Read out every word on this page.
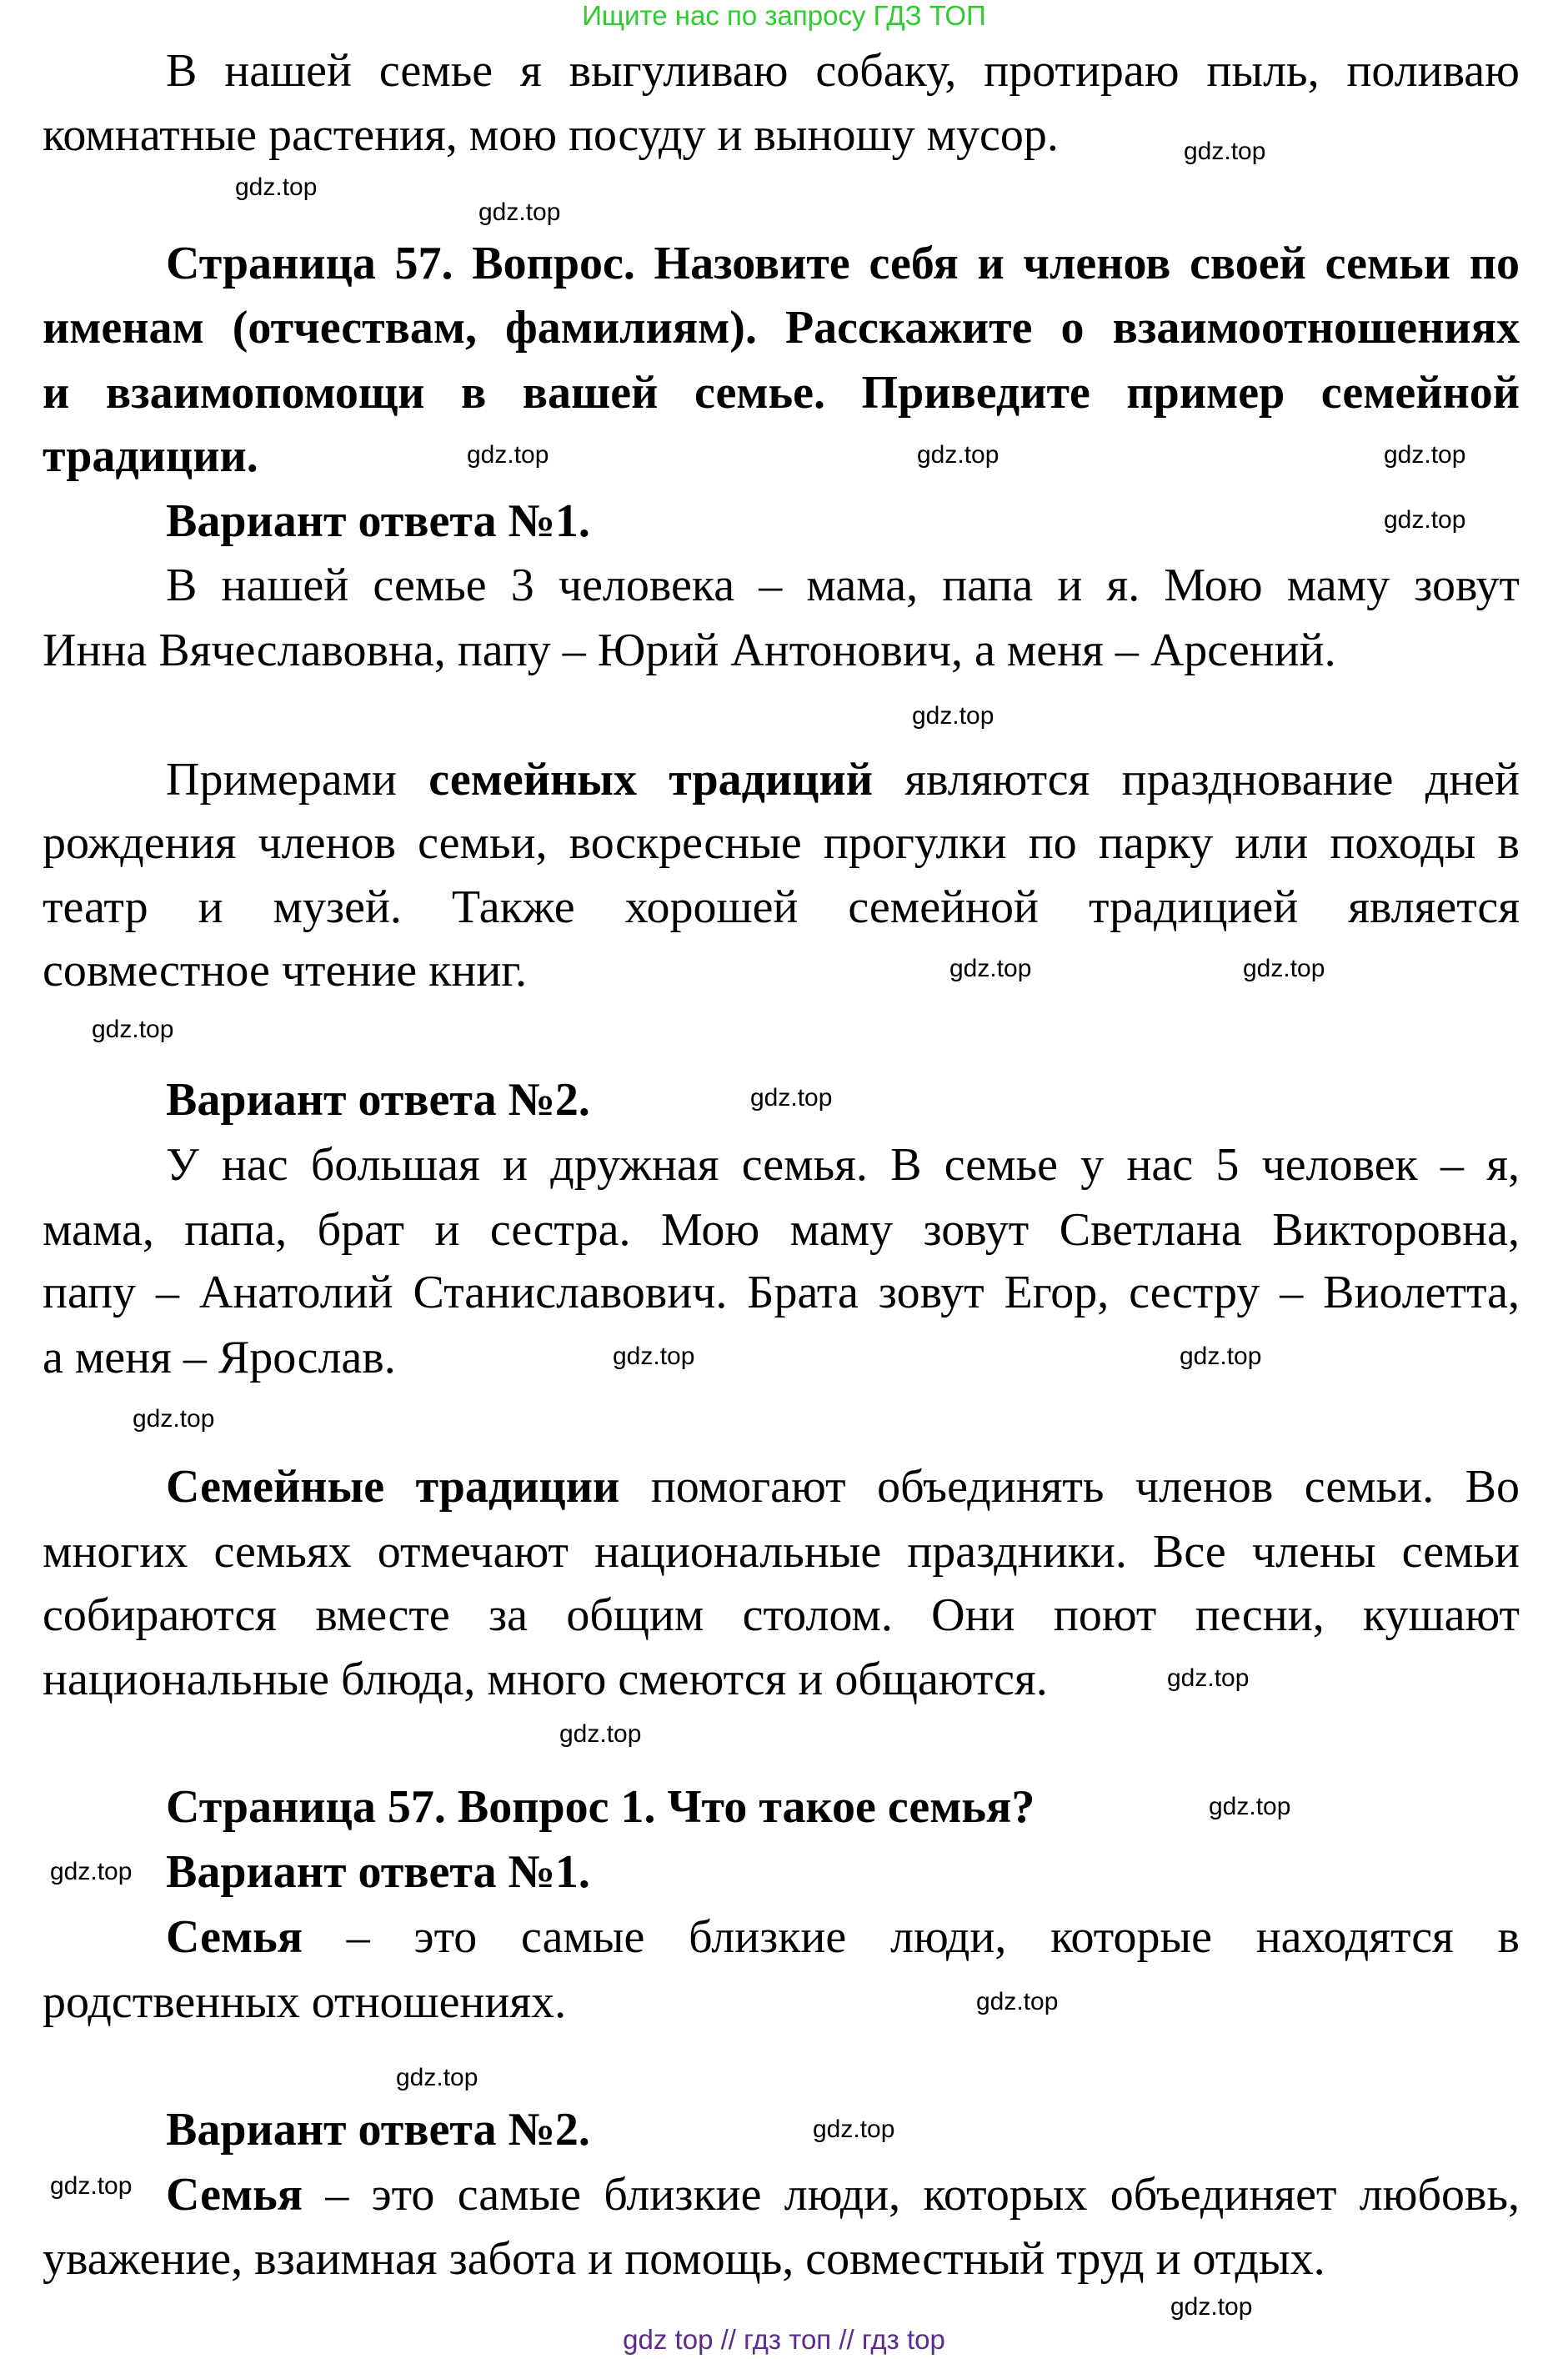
Ищите нас по запросу ГДЗ ТОП
В нашей семье я выгуливаю собаку, протираю пыль, поливаю
комнатные растения, мою посуду и выношу мусор.
Страница 57. Вопрос. Назовите себя и членов своей семьи по
именам (отчествам, фамилиям). Расскажите о взаимоотношениях
и взаимопомощи в вашей семье. Приведите пример семейной
традиции.
Вариант ответа №1.
В нашей семье 3 человека – мама, папа и я. Мою маму зовут
Инна Вячеславовна, папу – Юрий Антонович, а меня – Арсений.
Примерами семейных традиций являются празднование дней
рождения членов семьи, воскресные прогулки по парку или походы в
театр и музей. Также хорошей семейной традицией является
совместное чтение книг.
Вариант ответа №2.
У нас большая и дружная семья. В семье у нас 5 человек – я,
мама, папа, брат и сестра. Мою маму зовут Светлана Викторовна,
папу – Анатолий Станиславович. Брата зовут Егор, сестру – Виолетта,
а меня – Ярослав.
Семейные традиции помогают объединять членов семьи. Во
многих семьях отмечают национальные праздники. Все члены семьи
собираются вместе за общим столом. Они поют песни, кушают
национальные блюда, много смеются и общаются.
Страница 57. Вопрос 1. Что такое семья?
Вариант ответа №1.
Семья – это самые близкие люди, которые находятся в
родственных отношениях.
Вариант ответа №2.
Семья – это самые близкие люди, которых объединяет любовь,
уважение, взаимная забота и помощь, совместный труд и отдых.
gdz.top
gdz.top
gdz.top
gdz.top
gdz.top
gdz.top
gdz.top
gdz.top
gdz.top
gdz.top
gdz.top
gdz.top
gdz.top
gdz.top
gdz.top
gdz.top
gdz.top
gdz.top
gdz.top
gdz.top
gdz.top
gdz.top
gdz.top
gdz.top
gdz top // гдз топ // гдз top
